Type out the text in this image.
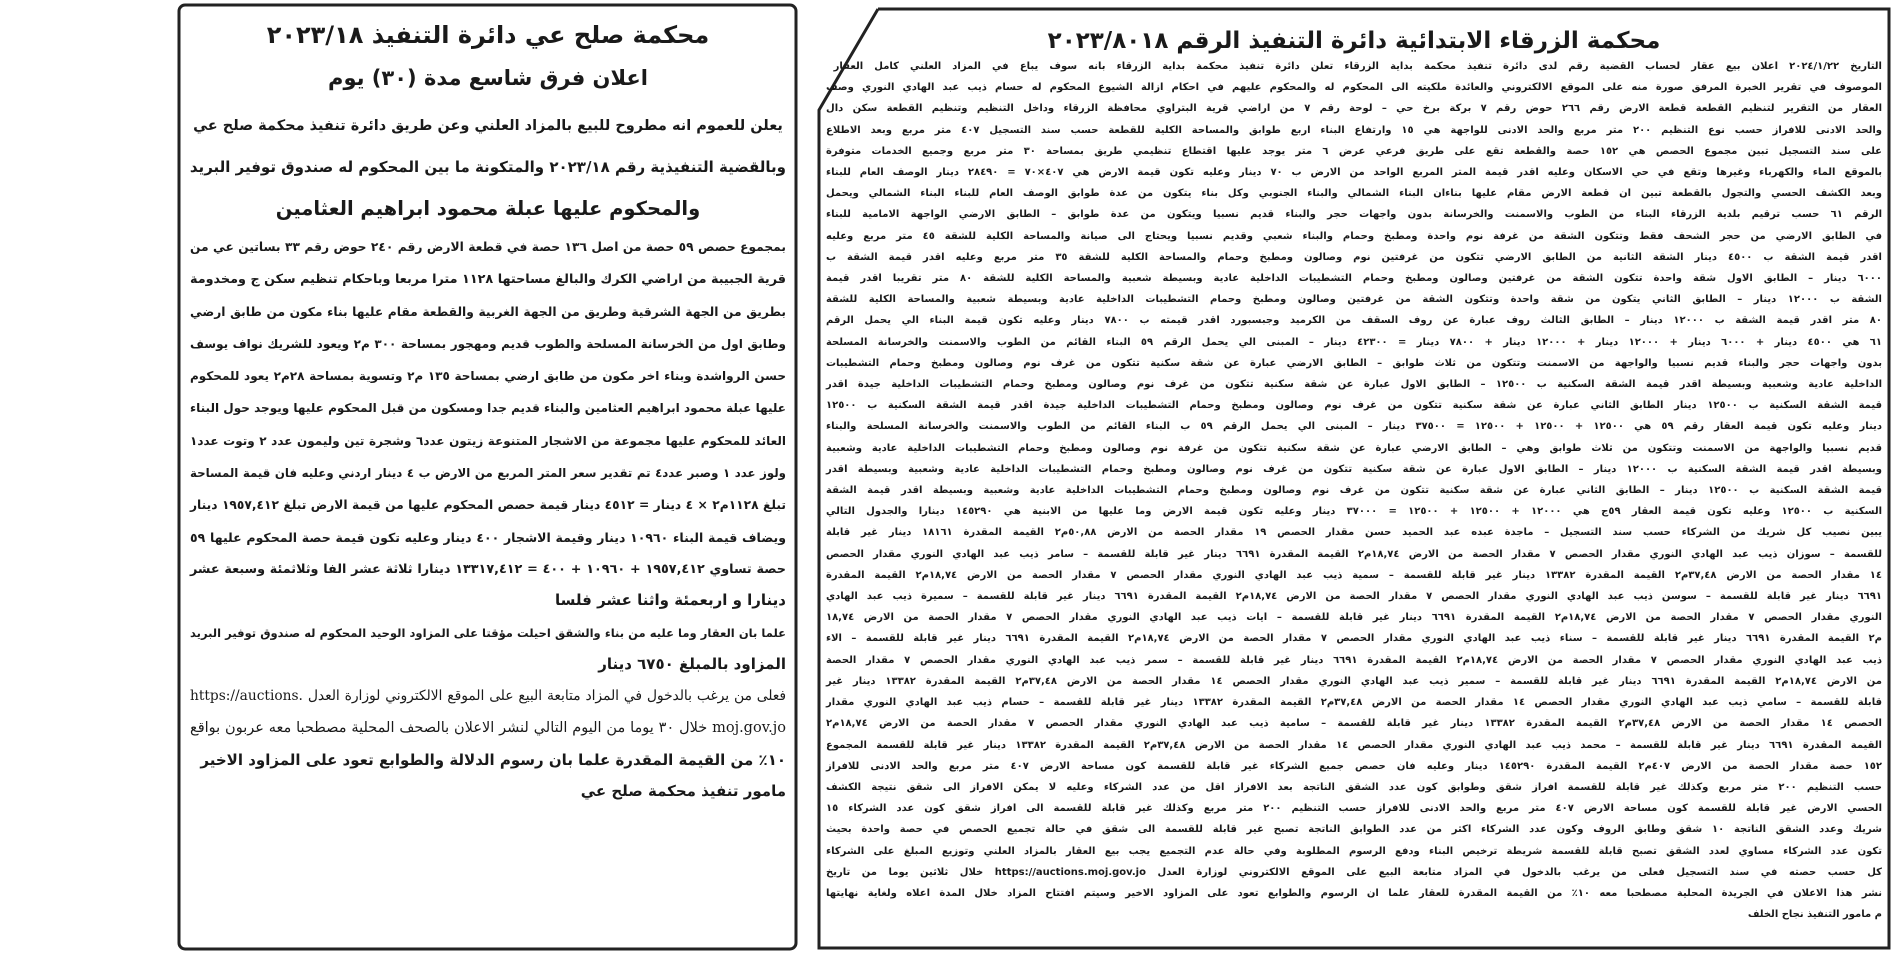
محكمة صلح عي دائرة التنفيذ ٢٠٢٣/١٨
اعلان فرق شاسع مدة (٣٠) يوم
يعلن للعموم انه مطروح للبيع بالمزاد العلني وعن طريق دائرة تنفيذ محكمة صلح عي
وبالقضية التنفيذية رقم ٢٠٢٣/١٨ والمتكونة ما بين المحكوم له صندوق توفير البريد
والمحكوم عليها عبلة محمود ابراهيم العثامين
بمجموع حصص ٥٩ حصة من اصل ١٣٦ حصة في قطعة الارض رقم ٢٤٠ حوض رقم ٣٣ بساتين عي من
قرية الجبيبة من اراضي الكرك والبالغ مساحتها ١١٢٨ مترا مربعا وباحكام تنظيم سكن ج ومخدومة
بطريق من الجهة الشرقية وطريق من الجهة الغربية والقطعة مقام عليها بناء مكون من طابق ارضي
وطابق اول من الخرسانة المسلحة والطوب قديم ومهجور بمساحة ٣٠٠ م٢ ويعود للشريك نواف يوسف
حسن الرواشدة وبناء اخر مكون من طابق ارضي بمساحة ١٣٥ م٢ وتسوية بمساحة ٢٨م٢ يعود للمحكوم
عليها عبلة محمود ابراهيم العثامين والبناء قديم جدا ومسكون من قبل المحكوم عليها ويوجد حول البناء
العائد للمحكوم عليها مجموعة من الاشجار المتنوعة زيتون عدد٦ وشجرة تين وليمون عدد ٢ وتوت عدد١
ولوز عدد ١ وصبر عدد٤ تم تقدير سعر المتر المربع من الارض ب ٤ دينار اردني وعليه فان قيمة المساحة
تبلغ ١١٢٨م٢ × ٤ دينار = ٤٥١٢ دينار قيمة حصص المحكوم عليها من قيمة الارض تبلغ ١٩٥٧,٤١٢ دينار
ويضاف قيمة البناء ١٠٩٦٠ دينار وقيمة الاشجار ٤٠٠ دينار وعليه تكون قيمة حصة المحكوم عليها ٥٩
حصة تساوي ١٩٥٧,٤١٢ + ١٠٩٦٠ + ٤٠٠ = ١٣٣١٧,٤١٢ دينارا ثلاثة عشر الفا وثلاثمئة وسبعة عشر
دينارا و اربعمئة واثنا عشر فلسا
علما بان العقار وما عليه من بناء والشقق احيلت مؤقتا على المزاود الوحيد المحكوم له صندوق توفير البريد
المزاود بالمبلغ ٦٧٥٠ دينار
فعلى من يرغب بالدخول في المزاد متابعة البيع على الموقع الالكتروني لوزارة العدل .https://auctions
moj.gov.jo خلال ٣٠ يوما من اليوم التالي لنشر الاعلان بالصحف المحلية مصطحبا معه عربون بواقع
١٠٪ من القيمة المقدرة علما بان رسوم الدلالة والطوابع تعود على المزاود الاخير
مامور تنفيذ محكمة صلح عي
محكمة الزرقاء الابتدائية دائرة التنفيذ الرقم ٢٠٢٣/٨٠١٨
التاريخ ٢٠٢٤/١/٢٢ اعلان بيع عقار لحساب القضية رقم لدى دائرة تنفيذ محكمة بداية الزرقاء تعلن دائرة تنفيذ محكمة بداية الزرقاء بانه سوف يباع في المزاد العلني كامل العقار
الموصوف في تقرير الخبرة المرفق صورة منه على الموقع الالكتروني والعائدة ملكيته الى المحكوم له والمحكوم عليهم في احكام ازالة الشيوع المحكوم له حسام ذيب عبد الهادي النوري وصف
العقار من التقرير لتنظيم القطعة قطعة الارض رقم ٢٦٦ حوض رقم ٧ بركة برخ حي – لوحة رقم ٧ من اراضي قرية البتراوي محافظة الزرقاء وداخل التنظيم وتنظيم القطعة سكن دال
والحد الادنى للافراز حسب نوع التنظيم ٢٠٠ متر مربع والحد الادنى للواجهة هي ١٥ وارتفاع البناء اربع طوابق والمساحة الكلية للقطعة حسب سند التسجيل ٤٠٧ متر مربع وبعد الاطلاع
على سند التسجيل تبين مجموع الحصص هي ١٥٢ حصة والقطعة تقع على طريق فرعي عرض ٦ متر يوجد عليها اقتطاع تنظيمي طريق بمساحة ٣٠ متر مربع وجميع الخدمات متوفرة
بالموقع الماء والكهرباء وغيرها وتقع في حي الاسكان وعليه اقدر قيمة المتر المربع الواحد من الارض ب ٧٠ دينار وعليه تكون قيمة الارض هي ٤٠٧×٧٠ = ٢٨٤٩٠ دينار الوصف العام للبناء
وبعد الكشف الحسي والتجول بالقطعة تبين ان قطعة الارض مقام عليها بناءان البناء الشمالي والبناء الجنوبي وكل بناء يتكون من عدة طوابق الوصف العام للبناء البناء الشمالي ويحمل
الرقم ٦١ حسب ترقيم بلدية الزرقاء البناء من الطوب والاسمنت والخرسانة بدون واجهات حجر والبناء قديم نسبيا ويتكون من عدة طوابق – الطابق الارضي الواجهة الامامية للبناء
في الطابق الارضي من حجر الشحف فقط وتتكون الشقة من غرفة نوم واحدة ومطبخ وحمام والبناء شعبي وقديم نسبيا ويحتاج الى صيانة والمساحة الكلية للشقة ٤٥ متر مربع وعليه
اقدر قيمة الشقة ب ٤٥٠٠ دينار الشقة الثانية من الطابق الارضي تتكون من غرفتين نوم وصالون ومطبخ وحمام والمساحة الكلية للشقة ٣٥ متر مربع وعليه اقدر قيمة الشقة ب
٦٠٠٠ دينار – الطابق الاول شقة واحدة تتكون الشقة من غرفتين وصالون ومطبخ وحمام التشطيبات الداخلية عادية وبسيطة شعبية والمساحة الكلية للشقة ٨٠ متر تقريبا اقدر قيمة
الشقة ب ١٢٠٠٠ دينار – الطابق الثاني يتكون من شقة واحدة وتتكون الشقة من غرفتين وصالون ومطبخ وحمام التشطيبات الداخلية عادية وبسيطة شعبية والمساحة الكلية للشقة
٨٠ متر اقدر قيمة الشقة ب ١٢٠٠٠ دينار – الطابق الثالث روف عبارة عن روف السقف من الكرميد وجبسبورد اقدر قيمته ب ٧٨٠٠ دينار وعليه تكون قيمة البناء الي يحمل الرقم
٦١ هي ٤٥٠٠ دينار + ٦٠٠٠ دينار + ١٢٠٠٠ دينار + ١٢٠٠٠ دينار + ٧٨٠٠ دينار = ٤٢٣٠٠ دينار – المبنى الي يحمل الرقم ٥٩ البناء القائم من الطوب والاسمنت والخرسانة المسلحة
بدون واجهات حجر والبناء قديم نسبيا والواجهة من الاسمنت وتتكون من ثلاث طوابق – الطابق الارضي عبارة عن شقة سكنية تتكون من غرف نوم وصالون ومطبخ وحمام التشطيبات
الداخلية عادية وشعبية وبسيطة اقدر قيمة الشقة السكنية ب ١٢٥٠٠ – الطابق الاول عبارة عن شقة سكنية تتكون من غرف نوم وصالون ومطبخ وحمام التشطيبات الداخلية جيدة اقدر
قيمة الشقة السكنية ب ١٢٥٠٠ دينار الطابق الثاني عبارة عن شقة سكنية تتكون من غرف نوم وصالون ومطبخ وحمام التشطيبات الداخلية جيدة اقدر قيمة الشقة السكنية ب ١٢٥٠٠
دينار وعليه تكون قيمة العقار رقم ٥٩ هي ١٢٥٠٠ + ١٢٥٠٠ + ١٢٥٠٠ = ٣٧٥٠٠ دينار – المبنى الي يحمل الرقم ٥٩ ب البناء القائم من الطوب والاسمنت والخرسانة المسلحة والبناء
قديم نسبيا والواجهة من الاسمنت وتتكون من ثلاث طوابق وهي – الطابق الارضي عبارة عن شقة سكنية تتكون من غرفة نوم وصالون ومطبخ وحمام التشطيبات الداخلية عادية وشعبية
وبسيطة اقدر قيمة الشقة السكنية ب ١٢٠٠٠ دينار – الطابق الاول عبارة عن شقة سكنية تتكون من غرف نوم وصالون ومطبخ وحمام التشطيبات الداخلية عادية وشعبية وبسيطة اقدر
قيمة الشقة السكنية ب ١٢٥٠٠ دينار – الطابق الثاني عبارة عن شقة سكنية تتكون من غرف نوم وصالون ومطبخ وحمام التشطيبات الداخلية عادية وشعبية وبسيطة اقدر قيمة الشقة
السكنية ب ١٢٥٠٠ وعليه تكون قيمة العقار ٥٩ج هي ١٢٠٠٠ + ١٢٥٠٠ + ١٢٥٠٠ = ٣٧٠٠٠ دينار وعليه تكون قيمة الارض وما عليها من الابنية هي ١٤٥٢٩٠ دينارا والجدول التالي
يبين نصيب كل شريك من الشركاء حسب سند التسجيل – ماجدة عبده عبد الحميد حسن مقدار الحصص ١٩ مقدار الحصة من الارض ٥٠,٨٨م٢ القيمة المقدرة ١٨١٦١ دينار غير قابلة
للقسمة – سوزان ذيب عبد الهادي النوري مقدار الحصص ٧ مقدار الحصة من الارض ١٨,٧٤م٢ القيمة المقدرة ٦٦٩١ دينار غير قابلة للقسمة – سامر ذيب عبد الهادي النوري مقدار الحصص
١٤ مقدار الحصة من الارض ٣٧,٤٨م٢ القيمة المقدرة ١٣٣٨٢ دينار غير قابلة للقسمة – سمية ذيب عبد الهادي النوري مقدار الحصص ٧ مقدار الحصة من الارض ١٨,٧٤م٢ القيمة المقدرة
٦٦٩١ دينار غير قابلة للقسمة – سوسن ذيب عبد الهادي النوري مقدار الحصص ٧ مقدار الحصة من الارض ١٨,٧٤م٢ القيمة المقدرة ٦٦٩١ دينار غير قابلة للقسمة – سميرة ذيب عبد الهادي
النوري مقدار الحصص ٧ مقدار الحصة من الارض ١٨,٧٤م٢ القيمة المقدرة ٦٦٩١ دينار غير قابلة للقسمة – ايات ذيب عبد الهادي النوري مقدار الحصص ٧ مقدار الحصة من الارض ١٨,٧٤
م٢ القيمة المقدرة ٦٦٩١ دينار غير قابلة للقسمة – سناء ذيب عبد الهادي النوري مقدار الحصص ٧ مقدار الحصة من الارض ١٨,٧٤م٢ القيمة المقدرة ٦٦٩١ دينار غير قابلة للقسمة – الاء
ذيب عبد الهادي النوري مقدار الحصص ٧ مقدار الحصة من الارض ١٨,٧٤م٢ القيمة المقدرة ٦٦٩١ دينار غير قابلة للقسمة – سمر ذيب عبد الهادي النوري مقدار الحصص ٧ مقدار الحصة
من الارض ١٨,٧٤م٢ القيمة المقدرة ٦٦٩١ دينار غير قابلة للقسمة – سمير ذيب عبد الهادي النوري مقدار الحصص ١٤ مقدار الحصة من الارض ٣٧,٤٨م٢ القيمة المقدرة ١٣٣٨٢ دينار غير
قابلة للقسمة – سامي ذيب عبد الهادي النوري مقدار الحصص ١٤ مقدار الحصة من الارض ٣٧,٤٨م٢ القيمة المقدرة ١٣٣٨٢ دينار غير قابلة للقسمة – حسام ذيب عبد الهادي النوري مقدار
الحصص ١٤ مقدار الحصة من الارض ٣٧,٤٨م٢ القيمة المقدرة ١٣٣٨٢ دينار غير قابلة للقسمة – سامية ذيب عبد الهادي النوري مقدار الحصص ٧ مقدار الحصة من الارض ١٨,٧٤م٢
القيمة المقدرة ٦٦٩١ دينار غير قابلة للقسمة – محمد ذيب عبد الهادي النوري مقدار الحصص ١٤ مقدار الحصة من الارض ٣٧,٤٨م٢ القيمة المقدرة ١٣٣٨٢ دينار غير قابلة للقسمة المجموع
١٥٢ حصة مقدار الحصة من الارض ٤٠٧م٢ القيمة المقدرة ١٤٥٢٩٠ دينار وعليه فان حصص جميع الشركاء غير قابلة للقسمة كون مساحة الارض ٤٠٧ متر مربع والحد الادنى للافراز
حسب التنظيم ٢٠٠ متر مربع وكذلك غير قابلة للقسمة افراز شقق وطوابق كون عدد الشقق الناتجة بعد الافراز اقل من عدد الشركاء وعليه لا يمكن الافراز الى شقق نتيجة الكشف
الحسي الارض غير قابلة للقسمة كون مساحة الارض ٤٠٧ متر مربع والحد الادنى للافراز حسب التنظيم ٢٠٠ متر مربع وكذلك غير قابلة للقسمة الى افراز شقق كون عدد الشركاء ١٥
شريك وعدد الشقق الناتجة ١٠ شقق وطابق الروف وكون عدد الشركاء اكثر من عدد الطوابق الناتجة تصبح غير قابلة للقسمة الى شقق في حالة تجميع الحصص في حصة واحدة بحيث
تكون عدد الشركاء مساوي لعدد الشقق تصبح قابلة للقسمة شريطة ترخيص البناء ودفع الرسوم المطلوبة وفي حالة عدم التجميع يجب بيع العقار بالمزاد العلني وتوزيع المبلغ على الشركاء
كل حسب حصته في سند التسجيل فعلى من يرغب بالدخول في المزاد متابعة البيع على الموقع الالكتروني لوزارة العدل https://auctions.moj.gov.jo خلال ثلاثين يوما من تاريخ
نشر هذا الاعلان في الجريدة المحلية مصطحبا معه ١٠٪ من القيمة المقدرة للعقار علما ان الرسوم والطوابع تعود على المزاود الاخير وسيتم افتتاح المزاد خلال المدة اعلاه ولغاية نهايتها
م مامور التنفيذ نجاح الخلف
